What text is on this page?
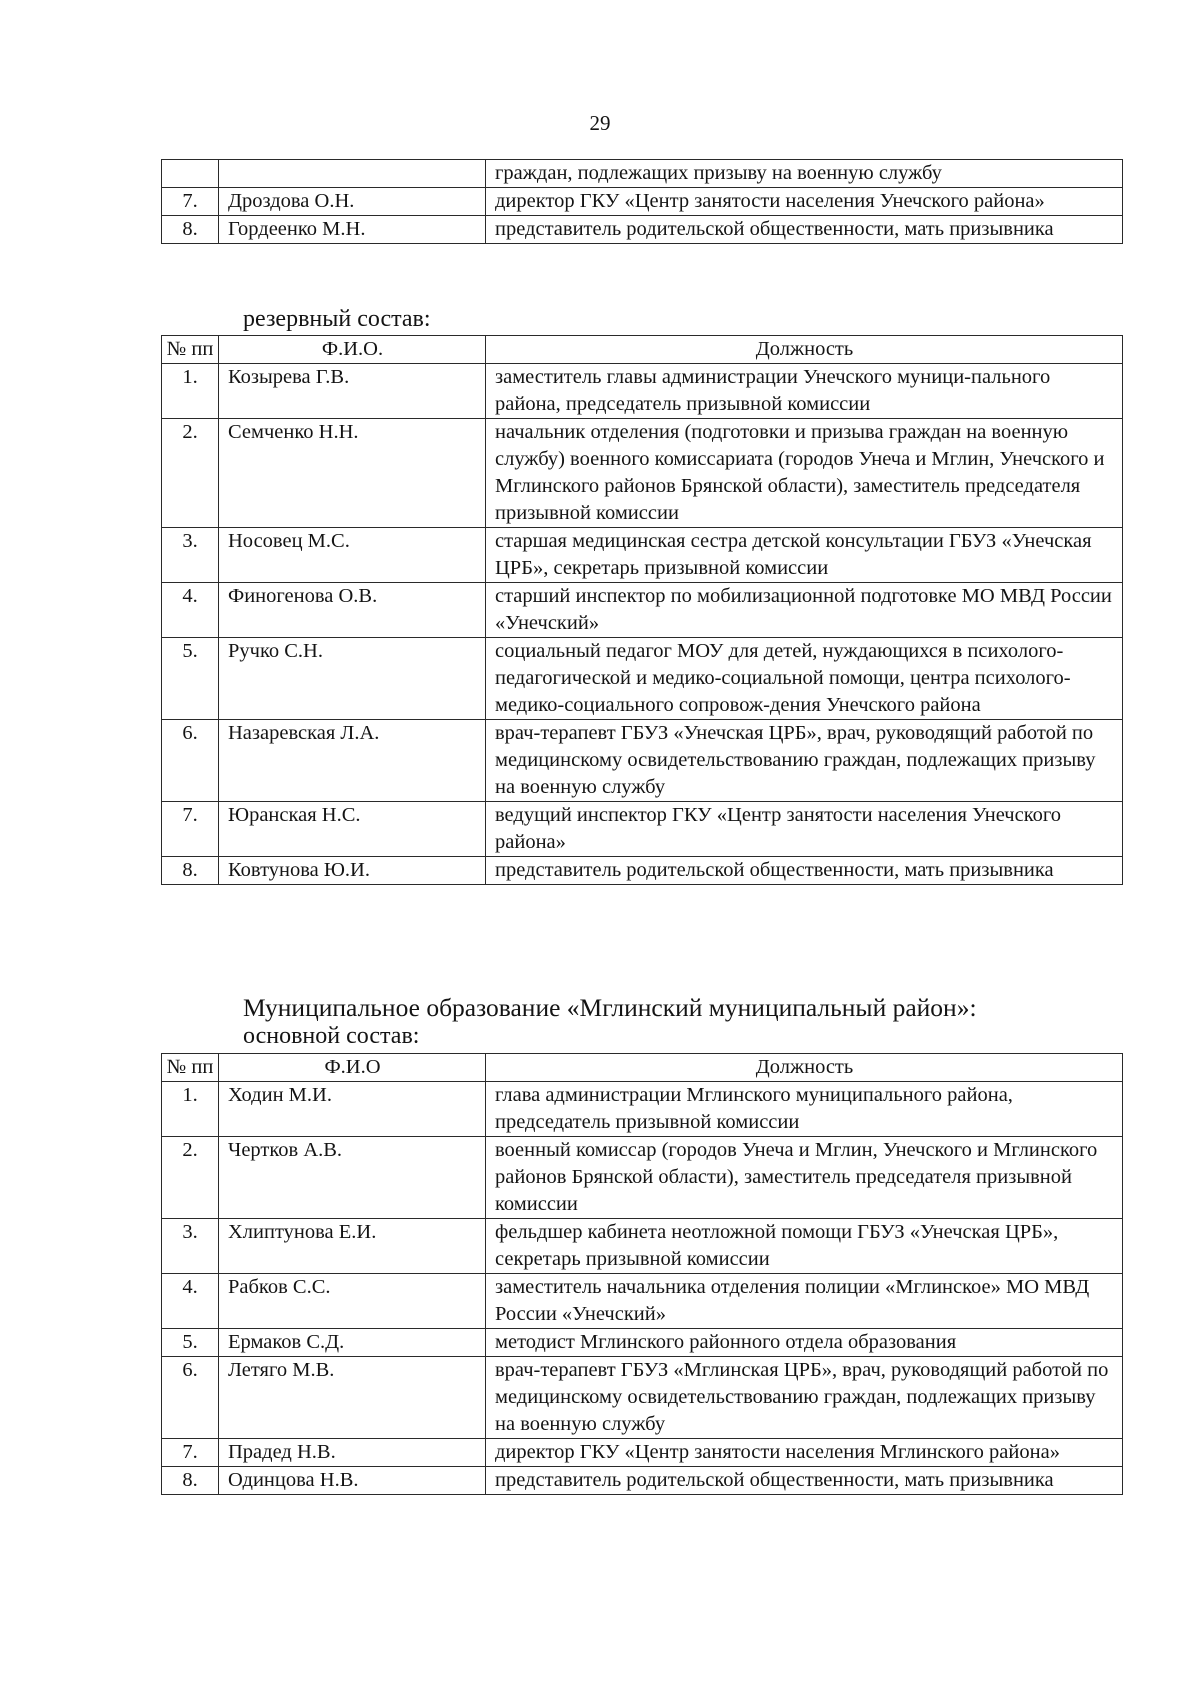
29
		граждан, подлежащих призыву на военную службу
7.	Дроздова О.Н.	директор ГКУ «Центр занятости населения Унечского района»
8.	Гордеенко М.Н.	представитель родительской общественности, мать призывника
резервный состав:
№ пп	Ф.И.О.	Должность
1.	Козырева Г.В.	заместитель главы администрации Унечского муници-пального района, председатель призывной комиссии
2.	Семченко Н.Н.	начальник отделения (подготовки и призыва граждан на военную службу) военного комиссариата (городов Унеча и Мглин, Унечского и Мглинского районов Брянской области), заместитель председателя призывной комиссии
3.	Носовец М.С.	старшая медицинская сестра детской консультации ГБУЗ «Унечская ЦРБ», секретарь призывной комиссии
4.	Финогенова О.В.	старший инспектор по мобилизационной подготовке МО МВД России «Унечский»
5.	Ручко С.Н.	социальный педагог МОУ для детей, нуждающихся в психолого-педагогической и медико-социальной помощи, центра психолого-медико-социального сопровож-дения Унечского района
6.	Назаревская Л.А.	врач-терапевт ГБУЗ «Унечская ЦРБ», врач, руководящий работой по медицинскому освидетельствованию граждан, подлежащих призыву на военную службу
7.	Юранская Н.С.	ведущий инспектор ГКУ «Центр занятости населения Унечского района»
8.	Ковтунова Ю.И.	представитель родительской общественности, мать призывника
Муниципальное образование «Мглинский муниципальный район»:
основной состав:
№ пп	Ф.И.О	Должность
1.	Ходин М.И.	глава администрации Мглинского муниципального района, председатель призывной комиссии
2.	Чертков А.В.	военный комиссар (городов Унеча и Мглин, Унечского и Мглинского районов Брянской области), заместитель председателя призывной комиссии
3.	Хлиптунова Е.И.	фельдшер кабинета неотложной помощи ГБУЗ «Унечская ЦРБ», секретарь призывной комиссии
4.	Рабков С.С.	заместитель начальника отделения полиции «Мглинское» МО МВД России «Унечский»
5.	Ермаков С.Д.	методист Мглинского районного отдела образования
6.	Летяго М.В.	врач-терапевт ГБУЗ «Мглинская ЦРБ», врач, руководящий работой по медицинскому освидетельствованию граждан, подлежащих призыву на военную службу
7.	Прадед Н.В.	директор ГКУ «Центр занятости населения Мглинского района»
8.	Одинцова Н.В.	представитель родительской общественности, мать призывника
